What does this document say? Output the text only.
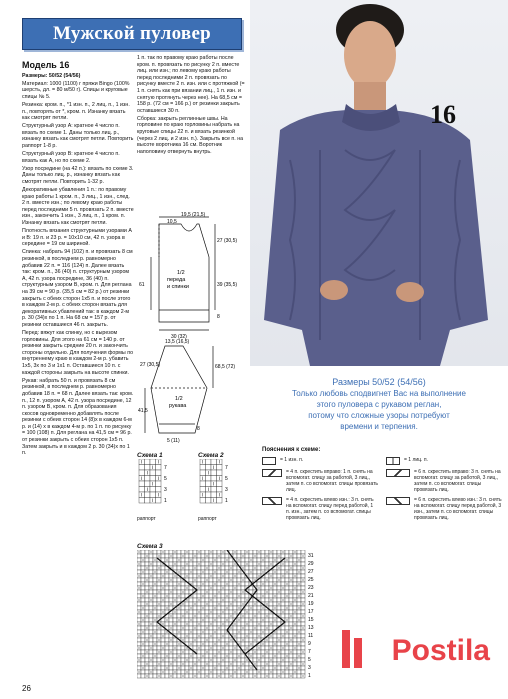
Мужской пуловер
Модель 16

Размеры: 50/52 (54/56)

Материал: 1000 (1100) г пряжи Bingo (100% шерсть, дл. = 80 м/50 г). Спицы и круговые спицы № 5.

Резинка: кром. п., *1 изн. п., 2 лиц. п., 1 изн. п., повторять от *, кром. п. Изнанку вязать как смотрят петли.

Структурный узор A: кратное 4 число п. вязать по схеме 1. Даны только лиц. р., изнанку вязать как смотрят петли. Повторить раппорт 1-8 р.

Структурный узор B: кратное 4 число п. вязать как A, но по схеме 2.

Узор посредине (на 42 п.): вязать по схеме 3. Даны только лиц. р., изнанку вязать как смотрят петли. Повторить 1-32 р.

Декоративные убавления 1 п.: по правому краю работы 1 кром. п., 3 лиц., 1 изн., след. 2 п. вместе изн.; по левому краю работы перед последними 5 п. провязать 2 п. вместе изн., закончить 1 изн., 3 лиц. п., 1 кром. п. Изнанку вязать как смотрят петли.

Плотность вязания структурными узорами A и B: 19 п. и 23 р. = 10х10 см, 42 п. узора в середине = 19 см шириной.

Спинка: набрать 94 (102) п. и провязать 8 см резинкой, в последнем р. равномерно добавив 22 п. = 116 (124) п. Далее вязать так: кром. п., 36 (40) п. структурным узором A, 42 п. узора посредине, 36 (40) п. структурным узором B, кром. п. Для реглана на 39 см = 90 р. (35,5 см = 82 р.) от резинки закрыть с обеих сторон 1х5 п. и после этого в каждом 2-м р. с обеих сторон вязать для декоративных убавлений так: в каждом 2-м р. 30 (34)х по 1 п. На 68 см = 157 р. от резинки оставшиеся 46 п. закрыть.

Перед: вяжут как спинку, но с вырезом горловины. Для этого на 61 см = 140 р. от резинки закрыть средние 20 п. и закончить стороны отдельно. Для получения формы по внутреннему краю в каждом 2-м р. убавить 1х5, 3х по 3 и 1х1 п. Оставшиеся 10 п. с каждой стороны закрыть на высоте спинки.

Рукав: набрать 50 п. и провязать 8 см резинкой, в последнем р. равномерно добавив 18 п. = 68 п. Далее вязать так: кром. п., 12 п. узором A, 42 п. узора посредине, 12 п. узором B, кром. п. Для образования скосов одновременно добавлять после резинки с обеих сторон 14 (8)х в каждом 6-м р. и (14) х в каждом 4-м р. по 1 п. по рисунку = 100 (108) п. Для реглана на 41,5 см = 96 р. от резинки закрыть с обеих сторон 1х5 п. Затем закрыть и в каждом 2 р. 30 (34)х по 1 п.

1 п. так по правому краю работы после кром. п. провязать по рисунку 2 п. вместе лиц. или изн.; по левому краю работы перед последними 2 п. провязать по рисунку вместе 2 п. изн. или с протяжкой (= 1 п. снять как при вязании лиц., 1 п. изн. и снятую протянуть через нее). На 68,5 см = 158 р. (72 см = 166 р.) от резинки закрыть оставшиеся 30 п.

Сборка: закрыть реглинные швы. На горловине по краю горловины набрать на круговые спицы 22 п. и вязать резинкой (через 2 лиц. и 2 изн. п.). Закрыть все п. на высоте воротника 16 см. Воротник наполовину отвернуть внутрь.

19,5 (21,5)
10,5
27 (30,5)
61	39 (35,5)
8
30 (32)
1/2 переда и спинки
13,5 (16,5)
27 (30,5)	68,5 (72)
41,5
8
5 (11)
1/2 рукава
16
Размеры 50/52 (54/56)
Только любовь сподвигнет Вас на выполнение
этого пуловера с рукавом реглан,
потому что сложные узоры потребуют
времени и терпения.
Пояснения к схеме:
= 1 изн. п.	= 1 лиц. п.
= 4 п. скрестить вправо: 1 п. снять на вспомогат. спицу за работой, 3 лиц., затем п. со вспомогат. спицы провязать лиц.
= 6 п. скрестить вправо: 3 п. снять на вспомогат. спицу за работой, 3 лиц., затем п. со вспомогат. спицы провязать лиц.
= 4 п. скрестить влево изн.: 3 п. снять на вспомогат. спицу перед работой, 1 п. изн., затем п. со вспомогат. спицы провязать лиц.
= 6 п. скрестить влево изн.: 3 п. снять на вспомогат. спицу перед работой, 3 изн., затем п. со вспомогат. спицы провязать лиц.
Схема 1
1
3
5
7
раппорт
Схема 2
1
3
5
7
раппорт
Схема 3
1
3
5
7
9
11
13
15
17
19
21
23
25
27
29
31
Postila
26
